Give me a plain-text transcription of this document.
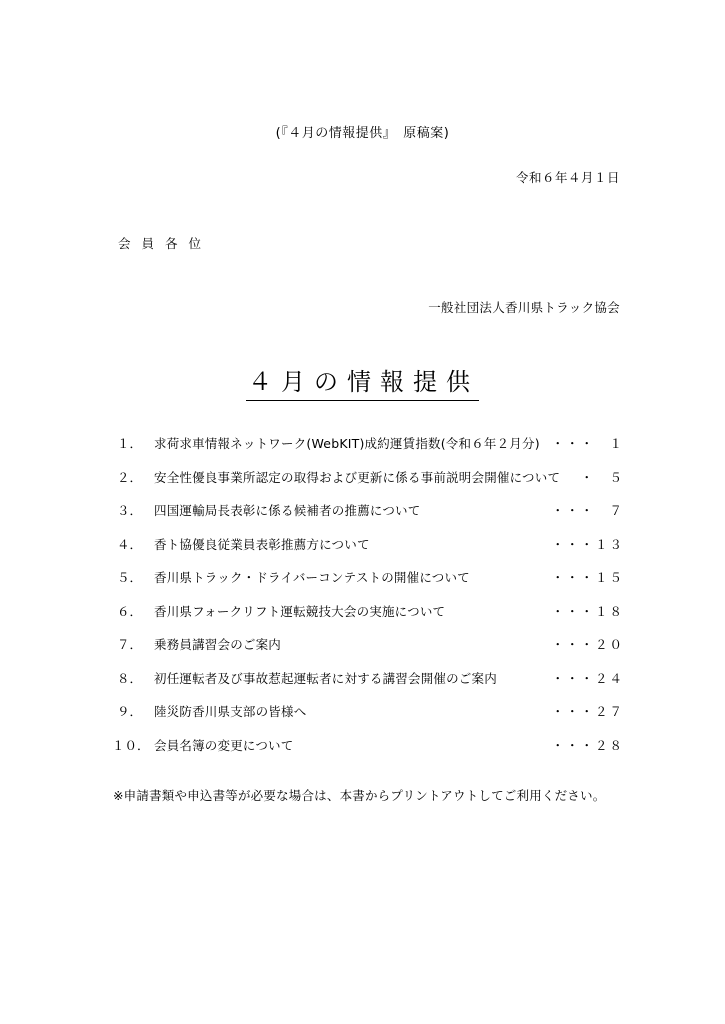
(『４月の情報提供』　原稿案)
令和６年４月１日
会員各位
一般社団法人香川県トラック協会
４月の情報提供
１． 求荷求車情報ネットワーク(WebKIT)成約運賃指数(令和６年２月分) ・・・　１
２． 安全性優良事業所認定の取得および更新に係る事前説明会開催について ・　５
３． 四国運輸局長表彰に係る候補者の推薦について	・・・　７
４． 香ト協優良従業員表彰推薦方について	・・・１３
５． 香川県トラック・ドライバーコンテストの開催について	・・・１５
６． 香川県フォークリフト運転競技大会の実施について	・・・１８
７． 乗務員講習会のご案内	・・・２０
８． 初任運転者及び事故惹起運転者に対する講習会開催のご案内	・・・２４
９． 陸災防香川県支部の皆様へ	・・・２７
１０． 会員名簿の変更について	・・・２８
※申請書類や申込書等が必要な場合は、本書からプリントアウトしてご利用ください。
